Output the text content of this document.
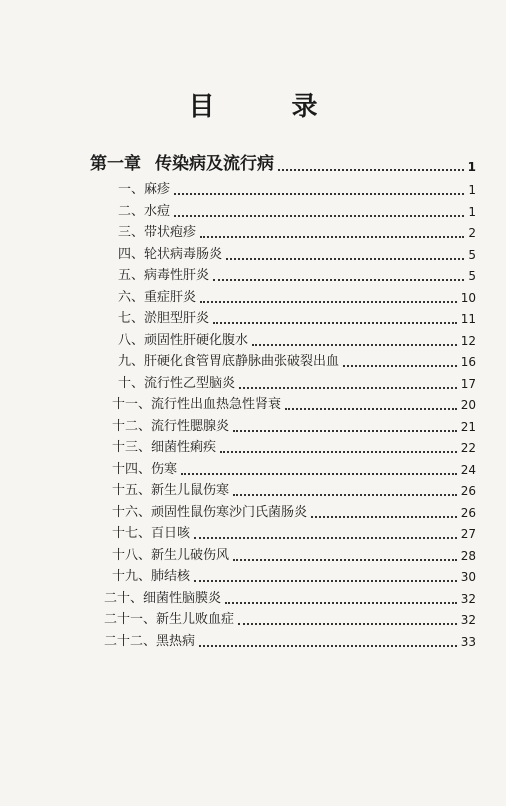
目 录
第一章 传染病及流行病	1
一、麻疹	1
二、水痘	1
三、带状疱疹	2
四、轮状病毒肠炎	5
五、病毒性肝炎	5
六、重症肝炎	10
七、淤胆型肝炎	11
八、顽固性肝硬化腹水	12
九、肝硬化食管胃底静脉曲张破裂出血	16
十、流行性乙型脑炎	17
十一、流行性出血热急性肾衰	20
十二、流行性腮腺炎	21
十三、细菌性痢疾	22
十四、伤寒	24
十五、新生儿鼠伤寒	26
十六、顽固性鼠伤寒沙门氏菌肠炎	26
十七、百日咳	27
十八、新生儿破伤风	28
十九、肺结核	30
二十、细菌性脑膜炎	32
二十一、新生儿败血症	32
二十二、黑热病	33
